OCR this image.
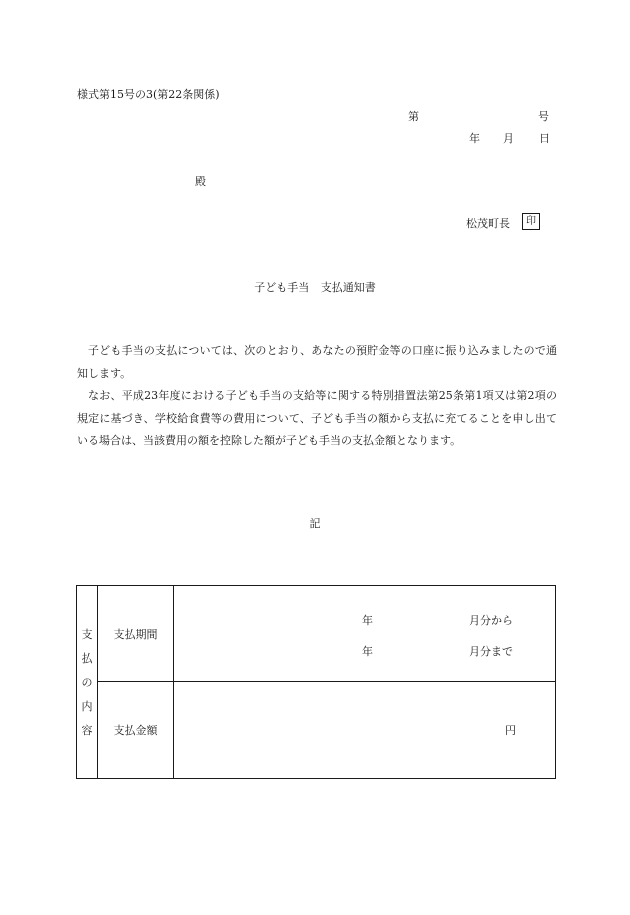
様式第15号の3(第22条関係)
第	号
年 月 日
殿
松茂町長	印
子ども手当 支払通知書

子ども手当の支払については、次のとおり、あなたの預貯金等の口座に振り込みましたので通知します。

なお、平成23年度における子ども手当の支給等に関する特別措置法第25条第1項又は第2項の規定に基づき、学校給食費等の費用について、子ども手当の額から支払に充てることを申し出ている場合は、当該費用の額を控除した額が子ども手当の支払金額となります。

記
支
払
の
内
容	支払期間	年 月分から
年 月分まで

	支払金額	円
